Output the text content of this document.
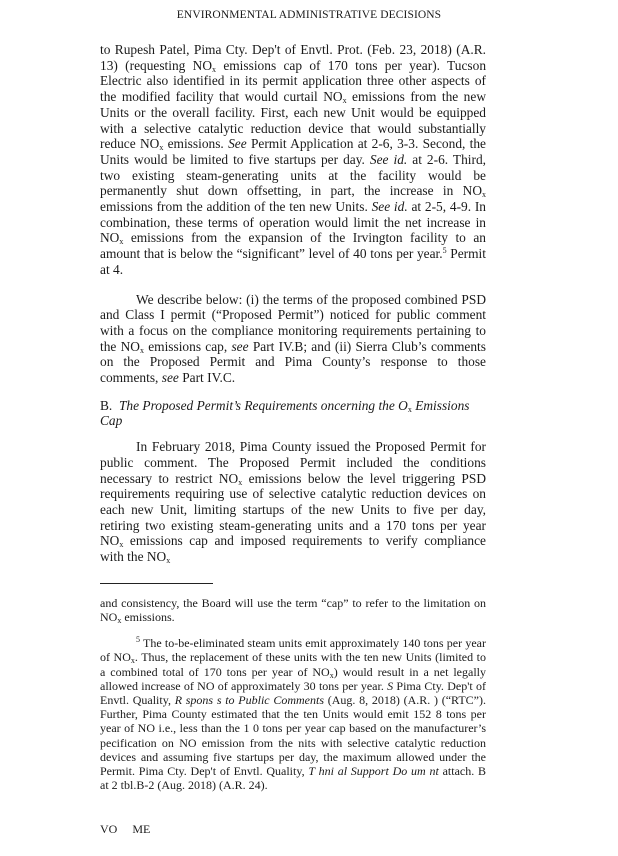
ENVIRONMENTAL ADMINISTRATIVE DECISIONS

to Rupesh Patel, Pima Cty. Dep't of Envtl. Prot. (Feb. 23, 2018) (A.R. 13) (requesting $NO_x$ emissions cap of 170 tons per year). Tucson Electric also identified in its permit application three other aspects of the modified facility that would curtail $NO_x$ emissions from the new Units or the overall facility. First, each new Unit would be equipped with a selective catalytic reduction device that would substantially reduce $NO_x$ emissions. See Permit Application at 2-6, 3-3. Second, the Units would be limited to five startups per day. See id. at 2-6. Third, two existing steam-generating units at the facility would be permanently shut down offsetting, in part, the increase in $NO_x$ emissions from the addition of the ten new Units. See id. at 2-5, 4-9. In combination, these terms of operation would limit the net increase in $NO_x$ emissions from the expansion of the Irvington facility to an amount that is below the “significant” level of 40 tons per year.$^5$ Permit at 4.

We describe below: (i) the terms of the proposed combined PSD and Class I permit (“Proposed Permit”) noticed for public comment with a focus on the compliance monitoring requirements pertaining to the $NO_x$ emissions cap, see Part IV.B; and (ii) Sierra Club’s comments on the Proposed Permit and Pima County’s response to those comments, see Part IV.C.

B. The Proposed Permit’s Requirements oncerning the $O_x$ Emissions Cap

In February 2018, Pima County issued the Proposed Permit for public comment. The Proposed Permit included the conditions necessary to restrict $NO_x$ emissions below the level triggering PSD requirements requiring use of selective catalytic reduction devices on each new Unit, limiting startups of the new Units to five per day, retiring two existing steam-generating units and a 170 tons per year $NO_x$ emissions cap and imposed requirements to verify compliance with the $NO_x$

and consistency, the Board will use the term “cap” to refer to the limitation on $NO_x$ emissions.

$^5$ The to-be-eliminated steam units emit approximately 140 tons per year of $NO_x$. Thus, the replacement of these units with the ten new Units (limited to a combined total of 170 tons per year of $NO_x$) would result in a net legally allowed increase of NO of approximately 30 tons per year. S Pima Cty. Dep't of Envtl. Quality, R spons s to Public Comments (Aug. 8, 2018) (A.R. ) (“RTC”). Further, Pima County estimated that the ten Units would emit 152 8 tons per year of NO i.e., less than the 1 0 tons per year cap based on the manufacturer’s pecification on NO emission from the nits with selective catalytic reduction devices and assuming five startups per day, the maximum allowed under the Permit. Pima Cty. Dep't of Envtl. Quality, T hni al Support Do um nt attach. B at 2 tbl.B-2 (Aug. 2018) (A.R. 24).

VO     ME
